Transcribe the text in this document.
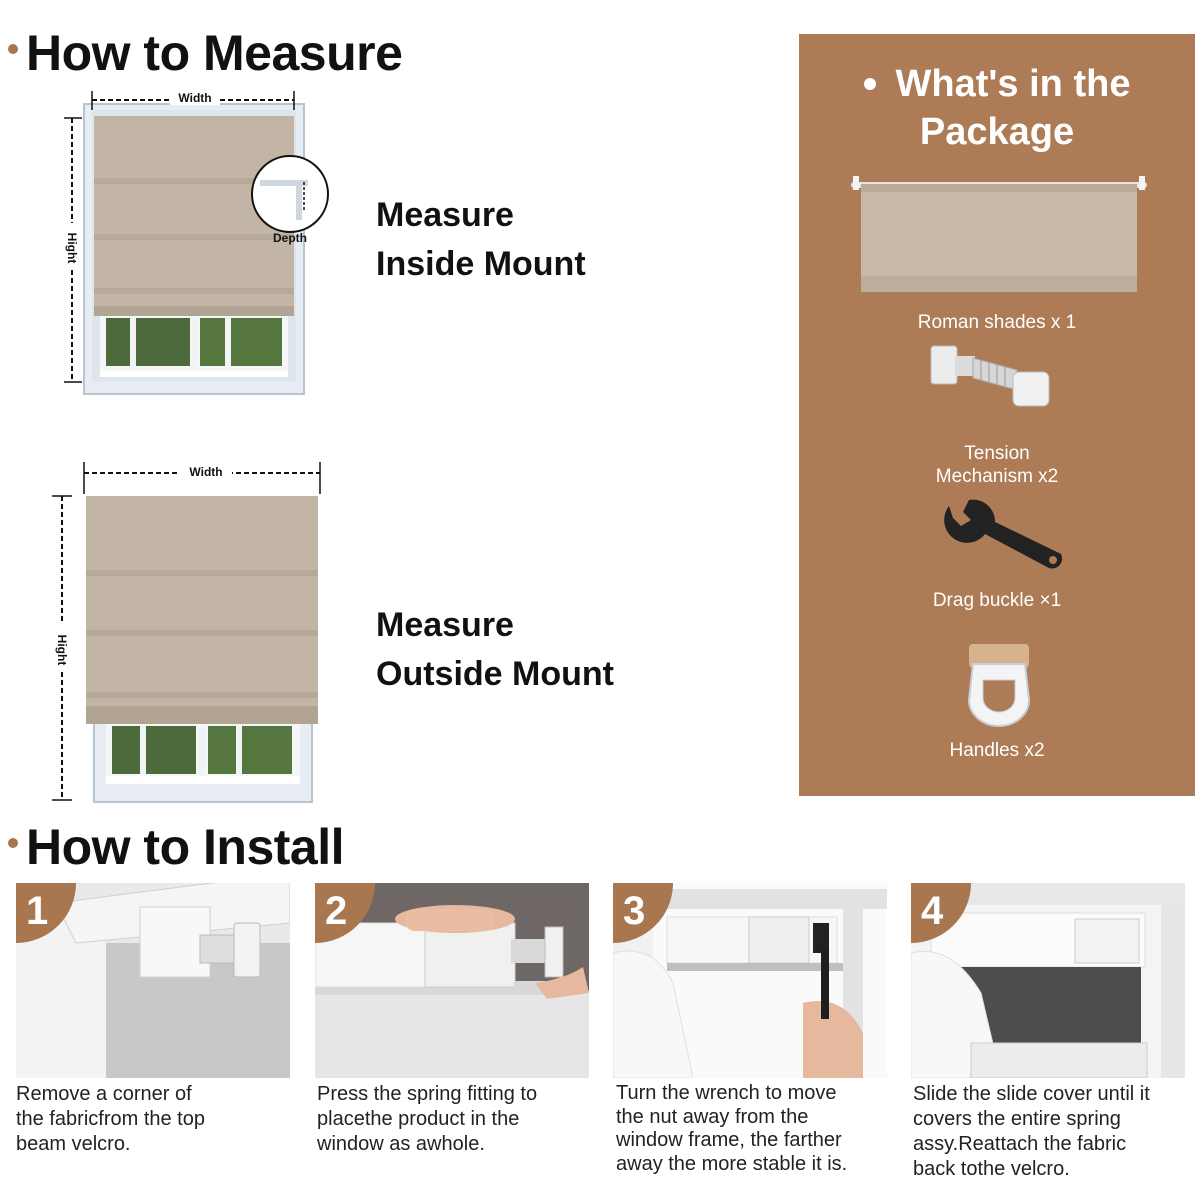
How to Measure
Width
Hight	Depth
Measure
Inside Mount
Width
Hight
Measure
Outside Mount
What's in the
Package
Roman shades x 1
Tension
Mechanism x2
Drag buckle ×1
Handles x2
How to Install
1
Remove a corner of
the fabricfrom the top
beam velcro.
2
Press the spring fitting to
placethe product in the
window as awhole.
3
Turn the wrench to move
the nut away from the
window frame, the farther
away the more stable it is.
4
Slide the slide cover until it
covers the entire spring
assy.Reattach the fabric
back tothe velcro.
